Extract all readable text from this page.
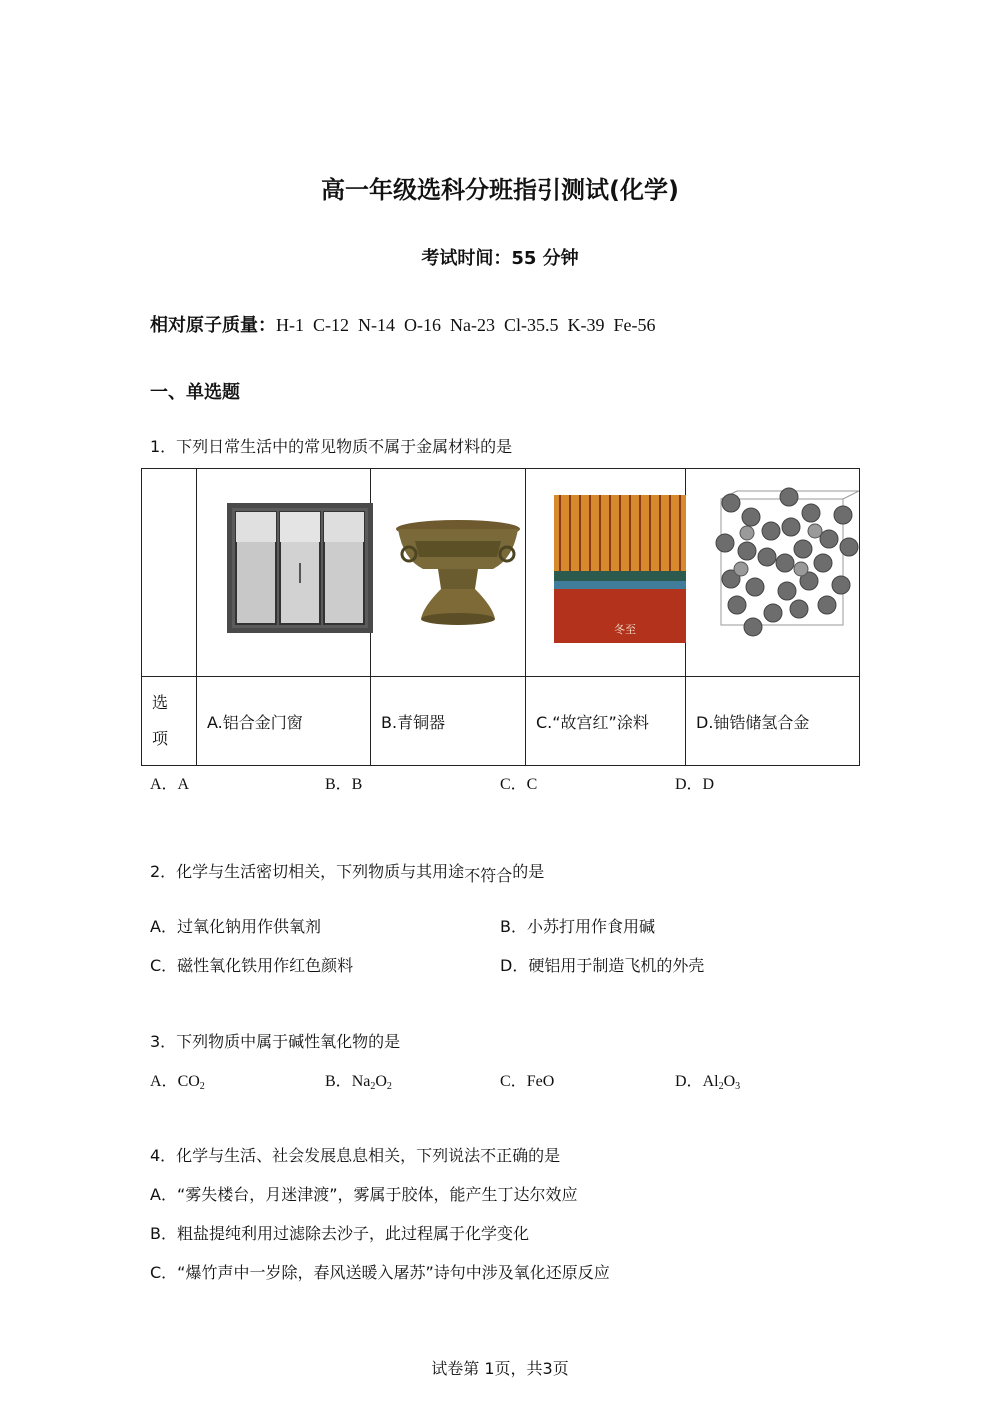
高一年级选科分班指引测试(化学)
考试时间：55 分钟
相对原子质量：H-1  C-12  N-14  O-16  Na-23  Cl-35.5  K-39  Fe-56
一、单选题
1．下列日常生活中的常见物质不属于金属材料的是

冬至

选
项	A.铝合金门窗	B.青铜器	C.“故宫红”涂料	D.铀锆储氢合金
A．A	B．B	C．C	D．D
2．化学与生活密切相关，下列物质与其用途不符合的是
A．过氧化钠用作供氧剂	B．小苏打用作食用碱
C．磁性氧化铁用作红色颜料	D．硬铝用于制造飞机的外壳
3．下列物质中属于碱性氧化物的是
A．$CO_2$	B．$Na_2O_2$	C．FeO	D．$Al_2O_3$
4．化学与生活、社会发展息息相关，下列说法不正确的是
A．“雾失楼台，月迷津渡”，雾属于胶体，能产生丁达尔效应
B．粗盐提纯利用过滤除去沙子，此过程属于化学变化
C．“爆竹声中一岁除，春风送暖入屠苏”诗句中涉及氧化还原反应
试卷第 1页，共3页
